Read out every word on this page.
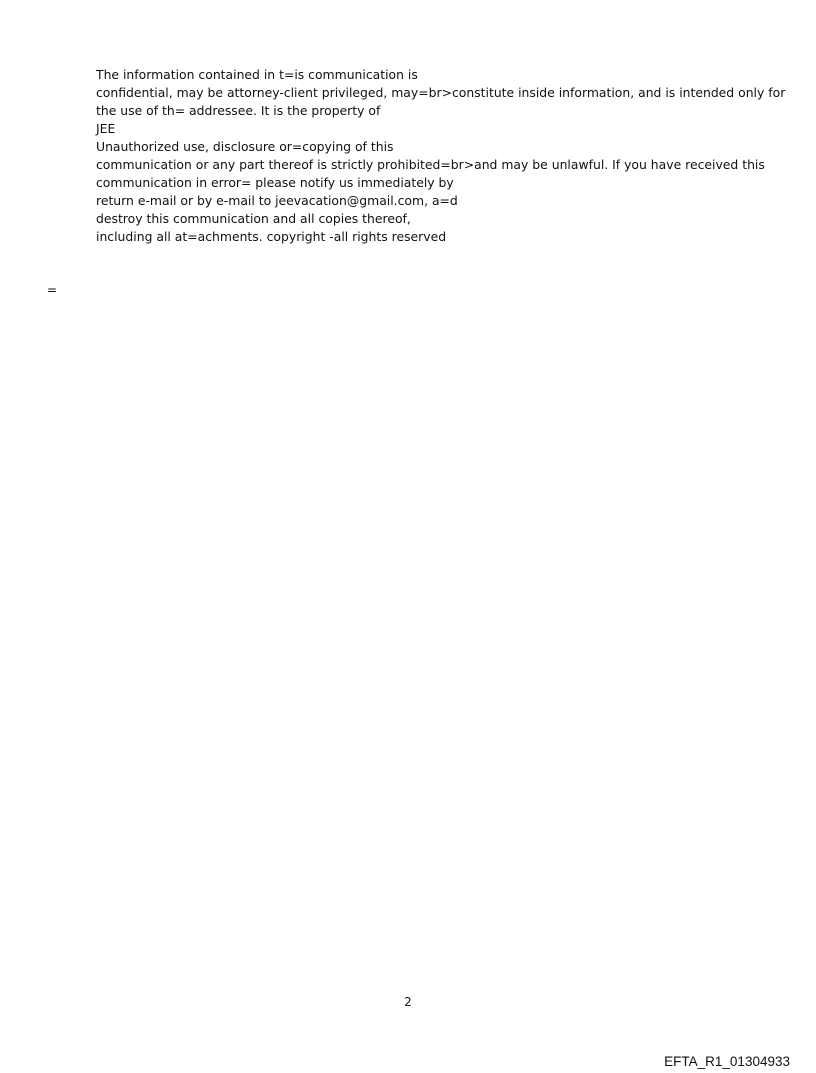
The information contained in t=is communication is
confidential, may be attorney-client privileged, may=br>constitute inside information, and is intended only for
the use of th= addressee. It is the property of
JEE
Unauthorized use, disclosure or=copying of this
communication or any part thereof is strictly prohibited=br>and may be unlawful. If you have received this
communication in error= please notify us immediately by
return e-mail or by e-mail to jeevacation@gmail.com, a=d
destroy this communication and all copies thereof,
including all at=achments. copyright -all rights reserved
=
2
EFTA_R1_01304933
